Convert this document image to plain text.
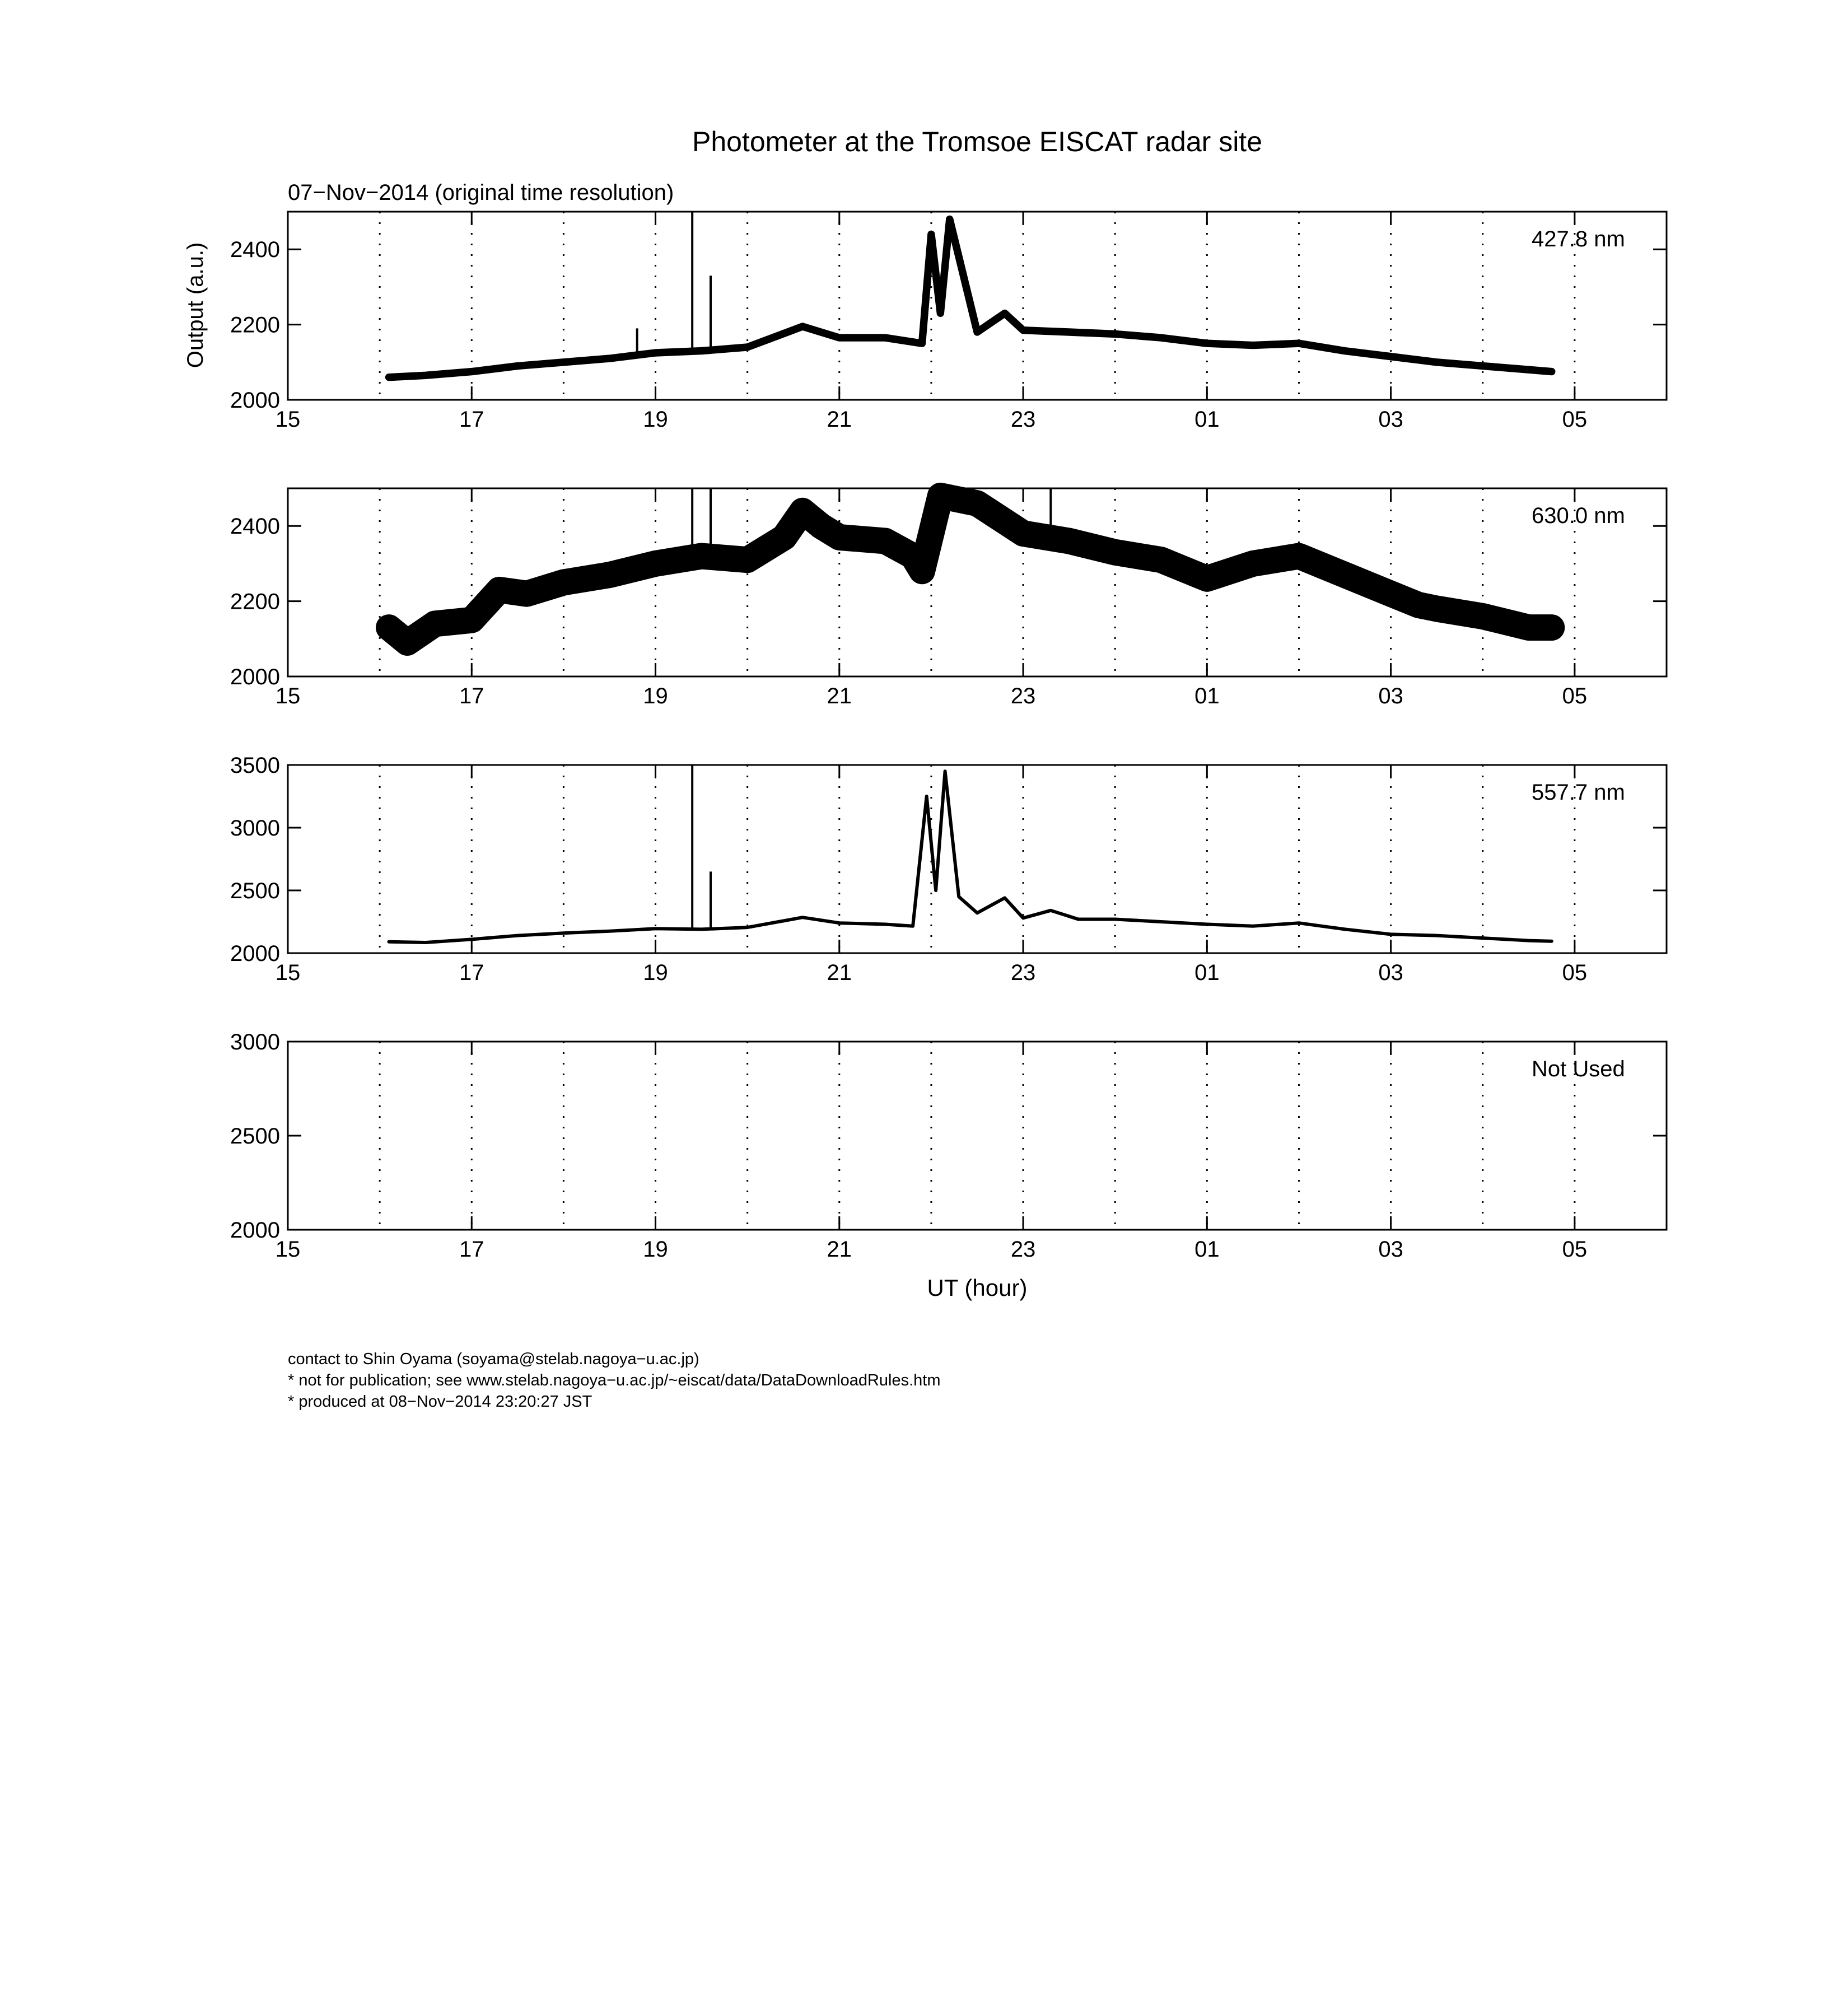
Photometer at the Tromsoe EISCAT radar site
07−Nov−2014 (original time resolution)
Output (a.u.)
UT (hour)
2000
2200
2400
15	17	19	21	23	01	03	05
427.8 nm
2000
2200
2400
15	17	19	21	23	01	03	05
630.0 nm
2000
2500
3000
3500
15	17	19	21	23	01	03	05
557.7 nm
2000
2500
3000
15	17	19	21	23	01	03	05
Not Used
contact to Shin Oyama (soyama@stelab.nagoya−u.ac.jp)
* not for publication; see www.stelab.nagoya−u.ac.jp/~eiscat/data/DataDownloadRules.htm
* produced at 08−Nov−2014 23:20:27 JST
